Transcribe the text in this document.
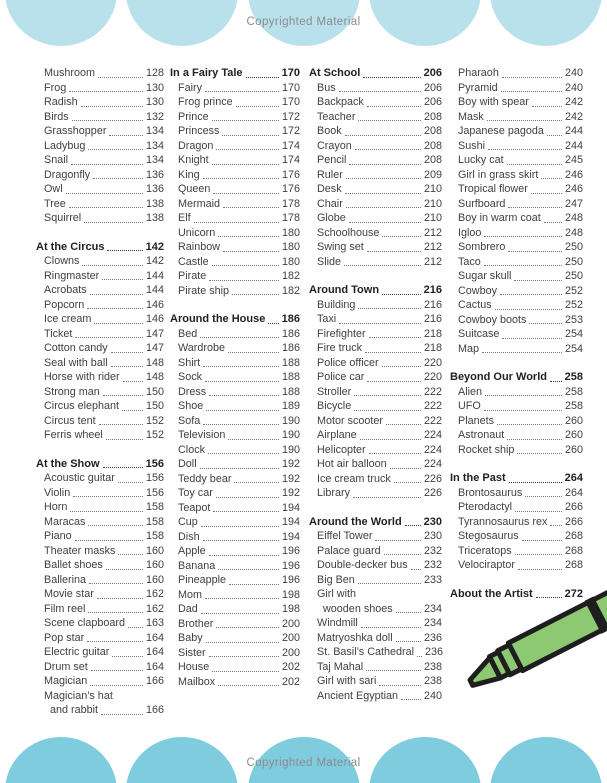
Copyrighted Material
Mushroom	128
Frog	130
Radish	130
Birds	132
Grasshopper	134
Ladybug	134
Snail	134
Dragonfly	136
Owl	136
Tree	138
Squirrel	138
At the Circus	142
Clowns	142
Ringmaster	144
Acrobats	144
Popcorn	146
Ice cream	146
Ticket	147
Cotton candy	147
Seal with ball	148
Horse with rider 148
Strong man	150
Circus elephant 150
Circus tent	152
Ferris wheel	152
At the Show	156
Acoustic guitar	156
Violin	156
Horn	158
Maracas	158
Piano	158
Theater masks	160
Ballet shoes	160
Ballerina	160
Movie star	162
Film reel	162
Scene clapboard 163
Pop star	164
Electric guitar	164
Drum set	164
Magician	166
Magician’s hat
and rabbit	166
In a Fairy Tale	170
Fairy	170
Frog prince	170
Prince	172
Princess	172
Dragon	174
Knight	174
King	176
Queen	176
Mermaid	178
Elf	178
Unicorn	180
Rainbow	180
Castle	180
Pirate	182
Pirate ship	182
Around the House 186
Bed	186
Wardrobe	186
Shirt	188
Sock	188
Dress	188
Shoe	189
Sofa	190
Television	190
Clock	190
Doll	192
Teddy bear	192
Toy car	192
Teapot	194
Cup	194
Dish	194
Apple	196
Banana	196
Pineapple	196
Mom	198
Dad	198
Brother	200
Baby	200
Sister	200
House	202
Mailbox	202
At School	206
Bus	206
Backpack	206
Teacher	208
Book	208
Crayon	208
Pencil	208
Ruler	209
Desk	210
Chair	210
Globe	210
Schoolhouse	212
Swing set	212
Slide	212
Around Town	216
Building	216
Taxi	216
Firefighter	218
Fire truck	218
Police officer	220
Police car	220
Stroller	222
Bicycle	222
Motor scooter	222
Airplane	224
Helicopter	224
Hot air balloon	224
Ice cream truck	226
Library	226
Around the World 230
Eiffel Tower	230
Palace guard	232
Double-decker bus 232
Big Ben	233
Girl with
wooden shoes	234
Windmill	234
Matryoshka doll	236
St. Basil’s Cathedral 236
Taj Mahal	238
Girl with sari	238
Ancient Egyptian 240
Pharaoh	240
Pyramid	240
Boy with spear	242
Mask	242
Japanese pagoda 244
Sushi	244
Lucky cat	245
Girl in grass skirt 246
Tropical flower	246
Surfboard	247
Boy in warm coat 248
Igloo	248
Sombrero	250
Taco	250
Sugar skull	250
Cowboy	252
Cactus	252
Cowboy boots	253
Suitcase	254
Map	254
Beyond Our World 258
Alien	258
UFO	258
Planets	260
Astronaut	260
Rocket ship	260
In the Past	264
Brontosaurus	264
Pterodactyl	266
Tyrannosaurus rex 266
Stegosaurus	268
Triceratops	268
Velociraptor	268
About the Artist	272
Copyrighted Material
